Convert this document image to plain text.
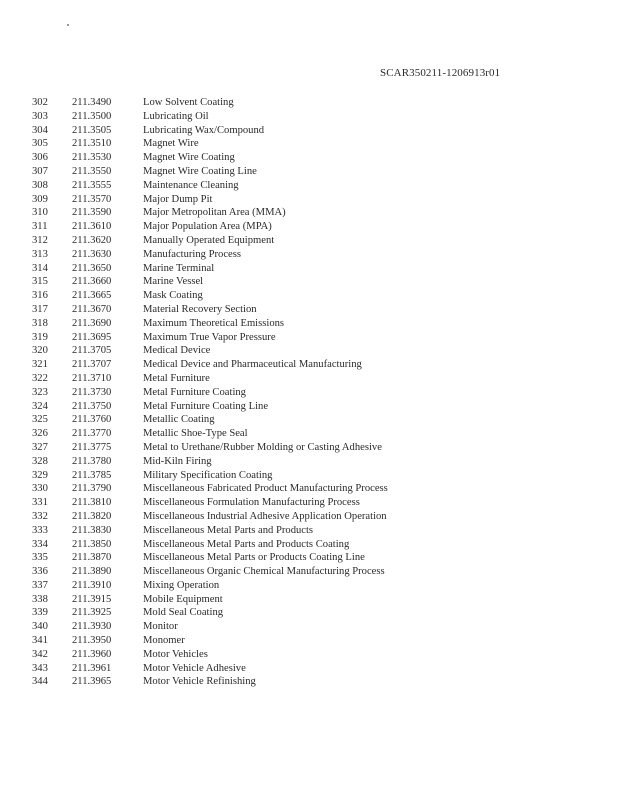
SCAR350211-1206913r01
302	211.3490	Low Solvent Coating
303	211.3500	Lubricating Oil
304	211.3505	Lubricating Wax/Compound
305	211.3510	Magnet Wire
306	211.3530	Magnet Wire Coating
307	211.3550	Magnet Wire Coating Line
308	211.3555	Maintenance Cleaning
309	211.3570	Major Dump Pit
310	211.3590	Major Metropolitan Area (MMA)
311	211.3610	Major Population Area (MPA)
312	211.3620	Manually Operated Equipment
313	211.3630	Manufacturing Process
314	211.3650	Marine Terminal
315	211.3660	Marine Vessel
316	211.3665	Mask Coating
317	211.3670	Material Recovery Section
318	211.3690	Maximum Theoretical Emissions
319	211.3695	Maximum True Vapor Pressure
320	211.3705	Medical Device
321	211.3707	Medical Device and Pharmaceutical Manufacturing
322	211.3710	Metal Furniture
323	211.3730	Metal Furniture Coating
324	211.3750	Metal Furniture Coating Line
325	211.3760	Metallic Coating
326	211.3770	Metallic Shoe-Type Seal
327	211.3775	Metal to Urethane/Rubber Molding or Casting Adhesive
328	211.3780	Mid-Kiln Firing
329	211.3785	Military Specification Coating
330	211.3790	Miscellaneous Fabricated Product Manufacturing Process
331	211.3810	Miscellaneous Formulation Manufacturing Process
332	211.3820	Miscellaneous Industrial Adhesive Application Operation
333	211.3830	Miscellaneous Metal Parts and Products
334	211.3850	Miscellaneous Metal Parts and Products Coating
335	211.3870	Miscellaneous Metal Parts or Products Coating Line
336	211.3890	Miscellaneous Organic Chemical Manufacturing Process
337	211.3910	Mixing Operation
338	211.3915	Mobile Equipment
339	211.3925	Mold Seal Coating
340	211.3930	Monitor
341	211.3950	Monomer
342	211.3960	Motor Vehicles
343	211.3961	Motor Vehicle Adhesive
344	211.3965	Motor Vehicle Refinishing
